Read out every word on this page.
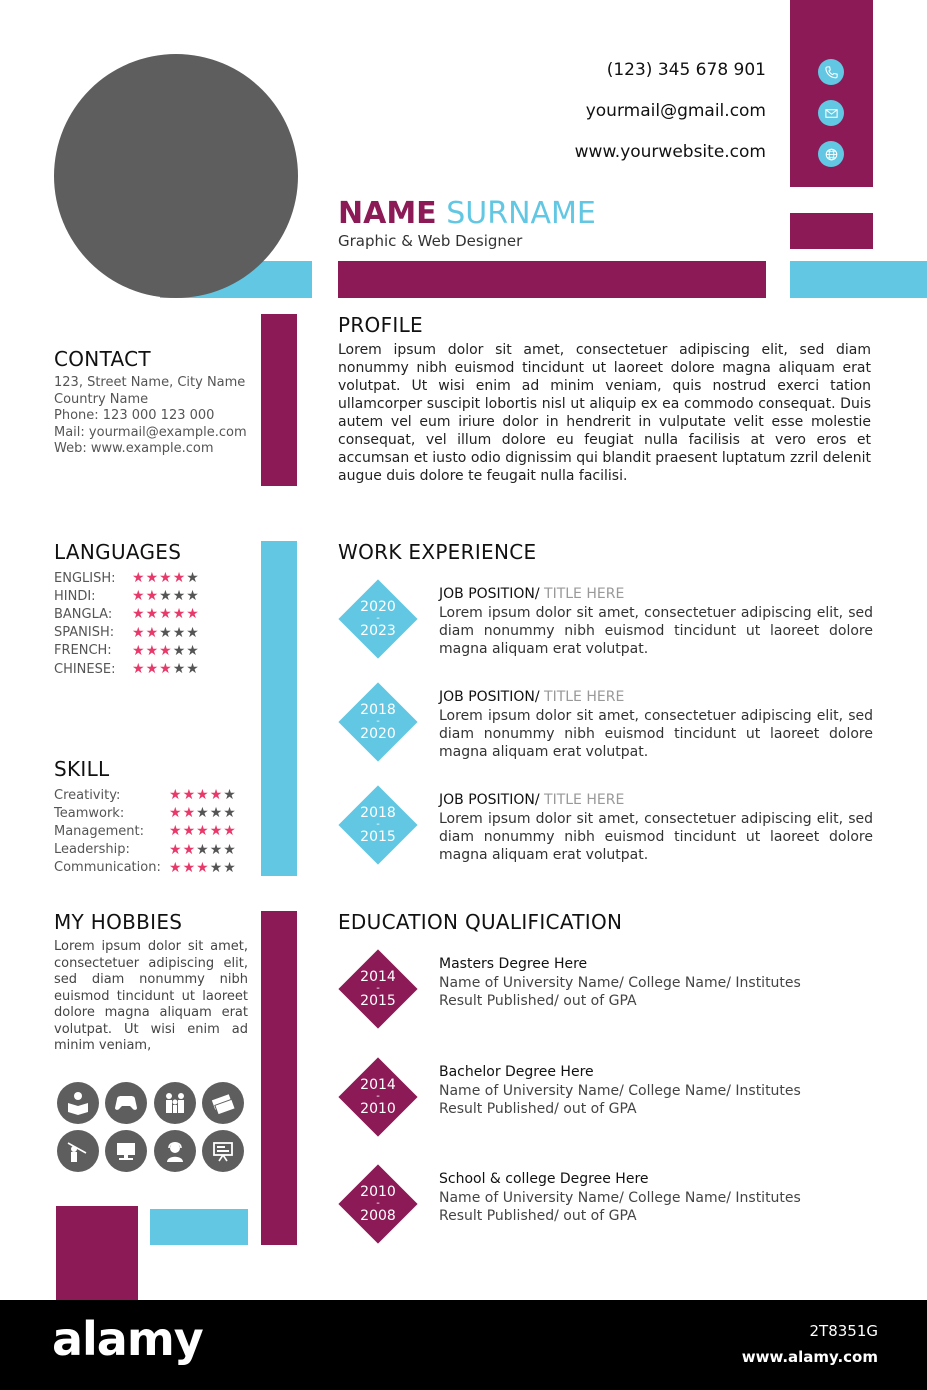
(123) 345 678 901
yourmail@gmail.com
www.yourwebsite.com
NAME SURNAME
Graphic & Web Designer
CONTACT
123, Street Name, City Name
Country Name
Phone: 123 000 123 000
Mail: yourmail@example.com
Web: www.example.com
PROFILE
Lorem ipsum dolor sit amet, consectetuer adipiscing elit, sed diam nonummy nibh euismod tincidunt ut laoreet dolore magna aliquam erat volutpat. Ut wisi enim ad minim veniam, quis nostrud exerci tation ullamcorper suscipit lobortis nisl ut aliquip ex ea commodo consequat. Duis autem vel eum iriure dolor in hendrerit in vulputate velit esse molestie consequat, vel illum dolore eu feugiat nulla facilisis at vero eros et accumsan et iusto odio dignissim qui blandit praesent luptatum zzril delenit augue duis dolore te feugait nulla facilisi.
LANGUAGES
ENGLISH:	★★★★★
HINDI:	★★★★★
BANGLA:	★★★★★
SPANISH:	★★★★★
FRENCH:	★★★★★
CHINESE:	★★★★★
SKILL
Creativity:	★★★★★
Teamwork:	★★★★★
Management:	★★★★★
Leadership:	★★★★★
Communication: ★★★★★
MY HOBBIES
Lorem ipsum dolor sit amet, consectetuer adipiscing elit, sed diam nonummy nibh euismod tincidunt ut laoreet dolore magna aliquam erat volutpat. Ut wisi enim ad minim veniam,
WORK EXPERIENCE
2020
-
2023
JOB POSITION/ TITLE HERE
Lorem ipsum dolor sit amet, consectetuer adipiscing elit, sed diam nonummy nibh euismod tincidunt ut laoreet dolore magna aliquam erat volutpat.
2018
-
2020
JOB POSITION/ TITLE HERE
Lorem ipsum dolor sit amet, consectetuer adipiscing elit, sed diam nonummy nibh euismod tincidunt ut laoreet dolore magna aliquam erat volutpat.
2018
-
2015
JOB POSITION/ TITLE HERE
Lorem ipsum dolor sit amet, consectetuer adipiscing elit, sed diam nonummy nibh euismod tincidunt ut laoreet dolore magna aliquam erat volutpat.
EDUCATION QUALIFICATION
2014
-
2015
Masters Degree Here
Name of University Name/ College Name/ Institutes
Result Published/ out of GPA
2014
-
2010
Bachelor Degree Here
Name of University Name/ College Name/ Institutes
Result Published/ out of GPA
2010
-
2008
School & college Degree Here
Name of University Name/ College Name/ Institutes
Result Published/ out of GPA
alamy	2T8351G
www.alamy.com
